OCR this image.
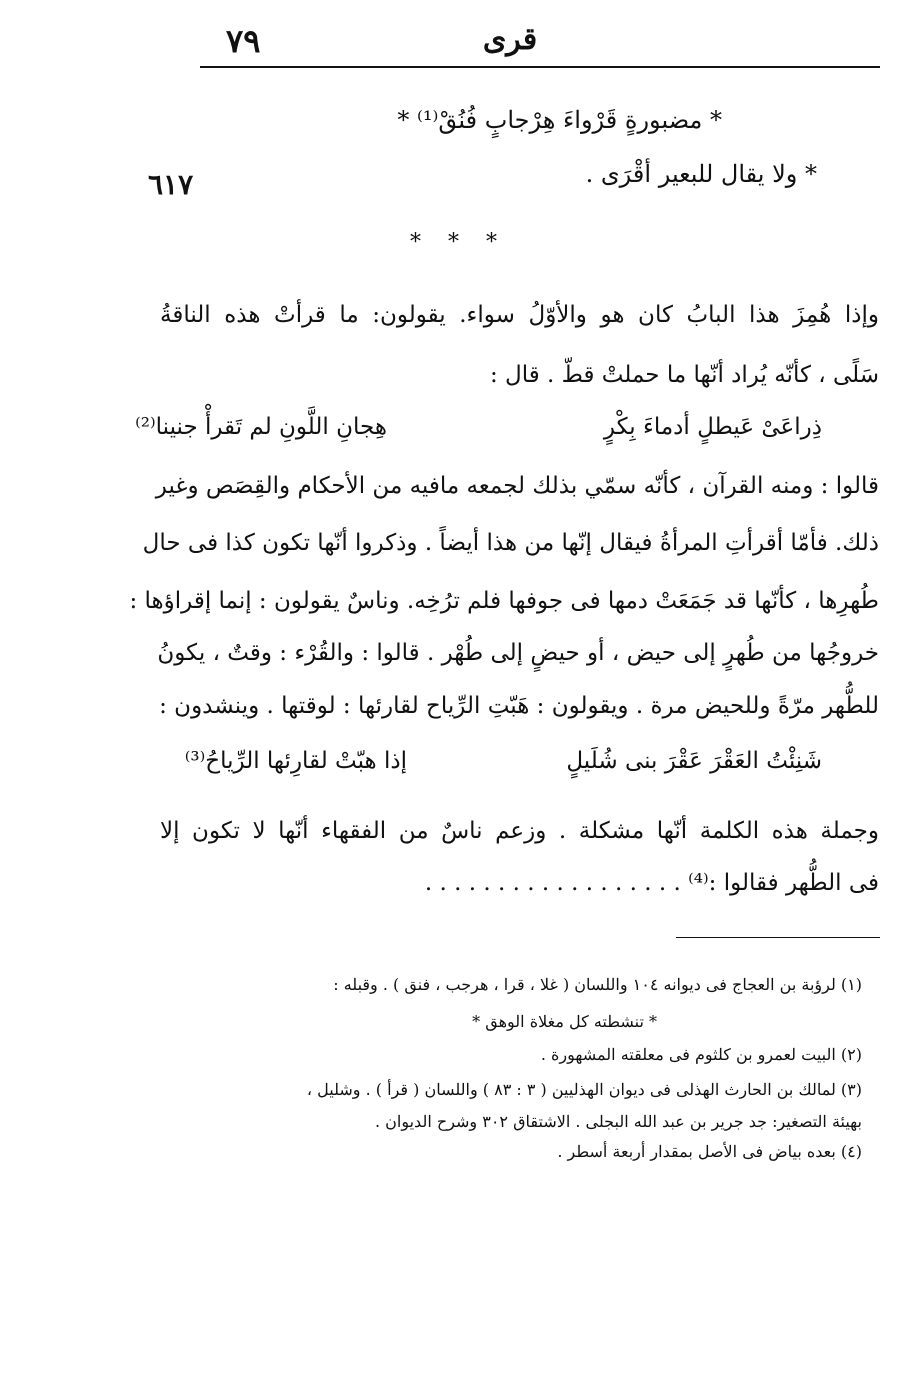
٧٩	قرى
* مضبورةٍ قَرْواءَ هِرْجابٍ فُنُقْ⁽¹⁾ *
٦١٧	* ولا يقال للبعير أقْرَى .
* * *
وإذا هُمِزَ هذا البابُ كان هو والأوّلُ سواء. يقولون: ما قرأتْ هذه الناقةُ
سَلًى ، كأنّه يُراد أنّها ما حملتْ قطّ . قال :
ذِراعَىْ عَيطلٍ أدماءَ بِكْرٍ
هِجانِ اللَّونِ لم تَقرأْ جنينا⁽²⁾
قالوا : ومنه القرآن ، كأنّه سمّي بذلك لجمعه مافيه من الأحكام والقِصَص وغير
ذلك. فأمّا أقرأتِ المرأةُ فيقال إنّها من هذا أيضاً . وذكروا أنّها تكون كذا فى حال
طُهرِها ، كأنّها قد جَمَعَتْ دمها فى جوفها فلم ترُخِه. وناسٌ يقولون : إنما إقراؤها :
خروجُها من طُهرٍ إلى حيض ، أو حيضٍ إلى طُهْر . قالوا : والقُرْء : وقتٌ ، يكونُ
للطُّهر مرّةً وللحيض مرة . ويقولون : هَبّتِ الرِّياح لقارئها : لوقتها . وينشدون :
شَنِئْتُ العَقْرَ عَقْرَ بنى شُلَيلٍ
إذا هبّتْ لقارِئها الرِّياحُ⁽³⁾
وجملة هذه الكلمة أنّها مشكلة . وزعم ناسٌ من الفقهاء أنّها لا تكون إلا
فى الطُّهر فقالوا :⁽⁴⁾ . . . . . . . . . . . . . . . . . .
(١) لرؤبة بن العجاج فى ديوانه ١٠٤ واللسان ( غلا ، قرا ، هرجب ، فنق ) . وقبله :
* تنشطته كل مغلاة الوهق *
(٢) البيت لعمرو بن كلثوم فى معلقته المشهورة .
(٣) لمالك بن الحارث الهذلى فى ديوان الهذليين ( ٣ : ٨٣ ) واللسان ( قرأ ) . وشليل ،
بهيئة التصغير: جد جرير بن عبد الله البجلى . الاشتقاق ٣٠٢ وشرح الديوان .
(٤) بعده بياض فى الأصل بمقدار أربعة أسطر .
